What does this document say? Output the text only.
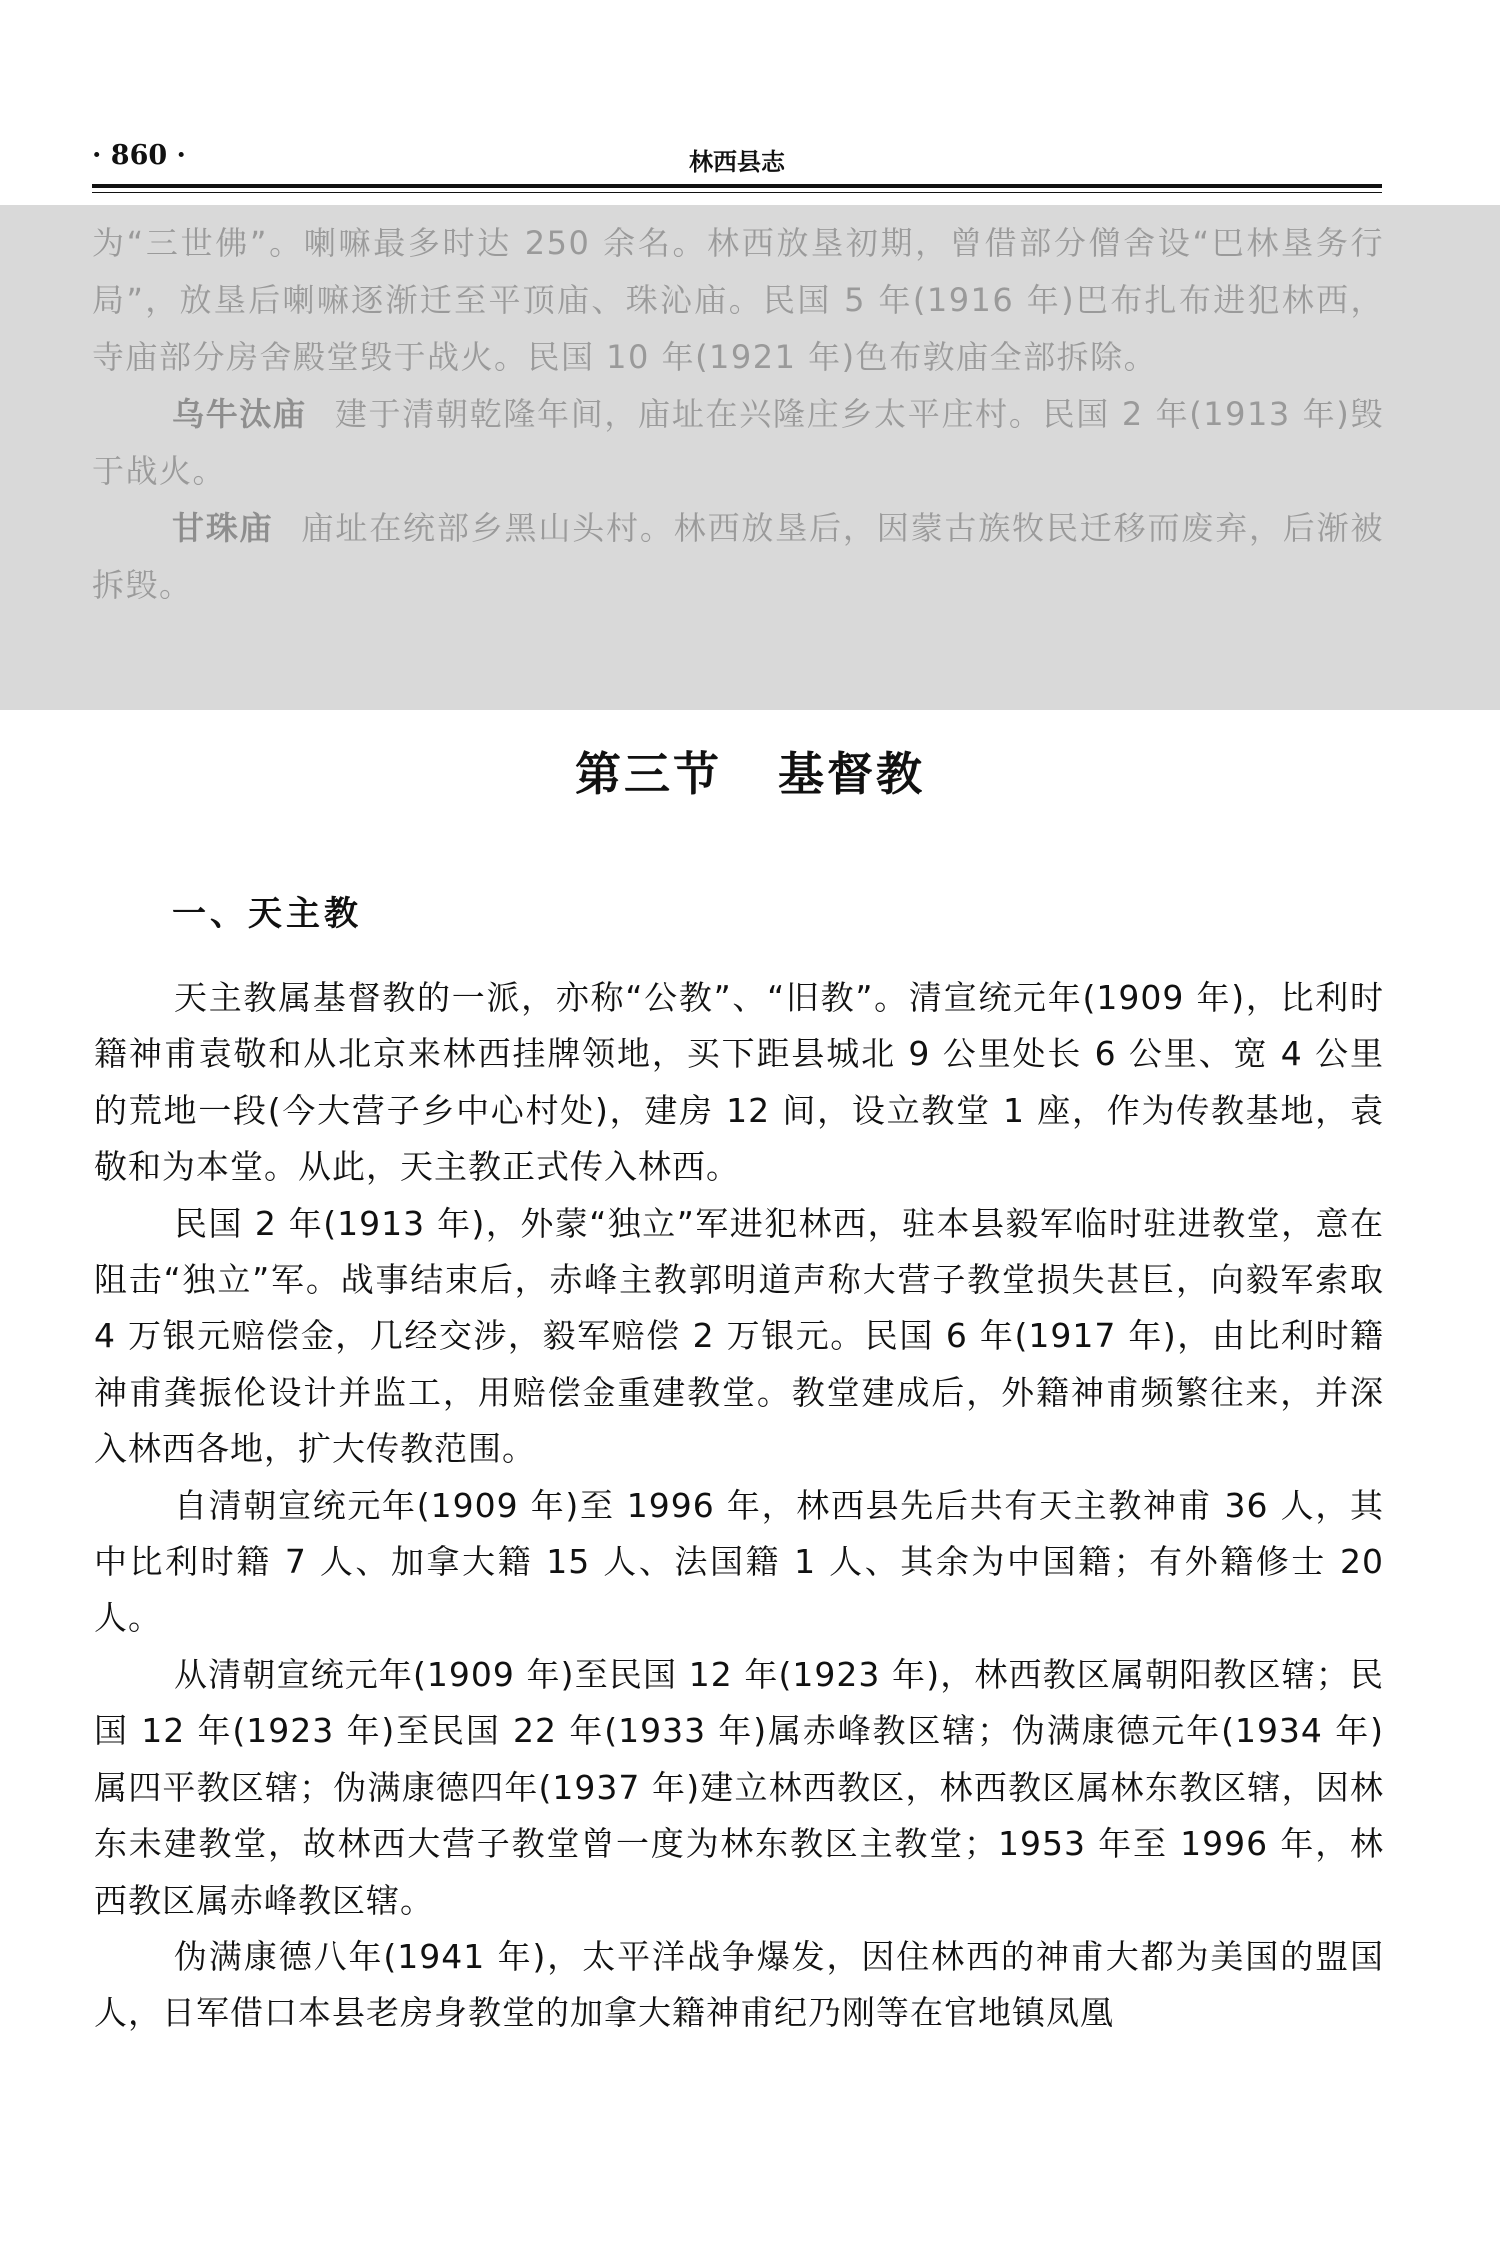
· 860 ·	林西县志

为“三世佛”。喇嘛最多时达 250 余名。林西放垦初期，曾借部分僧舍设“巴林垦务行局”，放垦后喇嘛逐渐迁至平顶庙、珠沁庙。民国 5 年(1916 年)巴布扎布进犯林西，寺庙部分房舍殿堂毁于战火。民国 10 年(1921 年)色布敦庙全部拆除。

乌牛汰庙 建于清朝乾隆年间，庙址在兴隆庄乡太平庄村。民国 2 年(1913 年)毁于战火。

甘珠庙 庙址在统部乡黑山头村。林西放垦后，因蒙古族牧民迁移而废弃，后渐被拆毁。

第三节 基督教
一、天主教

天主教属基督教的一派，亦称“公教”、“旧教”。清宣统元年(1909 年)，比利时籍神甫袁敬和从北京来林西挂牌领地，买下距县城北 9 公里处长 6 公里、宽 4 公里的荒地一段(今大营子乡中心村处)，建房 12 间，设立教堂 1 座，作为传教基地，袁敬和为本堂。从此，天主教正式传入林西。

民国 2 年(1913 年)，外蒙“独立”军进犯林西，驻本县毅军临时驻进教堂，意在阻击“独立”军。战事结束后，赤峰主教郭明道声称大营子教堂损失甚巨，向毅军索取 4 万银元赔偿金，几经交涉，毅军赔偿 2 万银元。民国 6 年(1917 年)，由比利时籍神甫龚振伦设计并监工，用赔偿金重建教堂。教堂建成后，外籍神甫频繁往来，并深入林西各地，扩大传教范围。

自清朝宣统元年(1909 年)至 1996 年，林西县先后共有天主教神甫 36 人，其中比利时籍 7 人、加拿大籍 15 人、法国籍 1 人、其余为中国籍；有外籍修士 20 人。

从清朝宣统元年(1909 年)至民国 12 年(1923 年)，林西教区属朝阳教区辖；民国 12 年(1923 年)至民国 22 年(1933 年)属赤峰教区辖；伪满康德元年(1934 年)属四平教区辖；伪满康德四年(1937 年)建立林西教区，林西教区属林东教区辖，因林东未建教堂，故林西大营子教堂曾一度为林东教区主教堂；1953 年至 1996 年，林西教区属赤峰教区辖。

伪满康德八年(1941 年)，太平洋战争爆发，因住林西的神甫大都为美国的盟国人，日军借口本县老房身教堂的加拿大籍神甫纪乃刚等在官地镇凤凰
